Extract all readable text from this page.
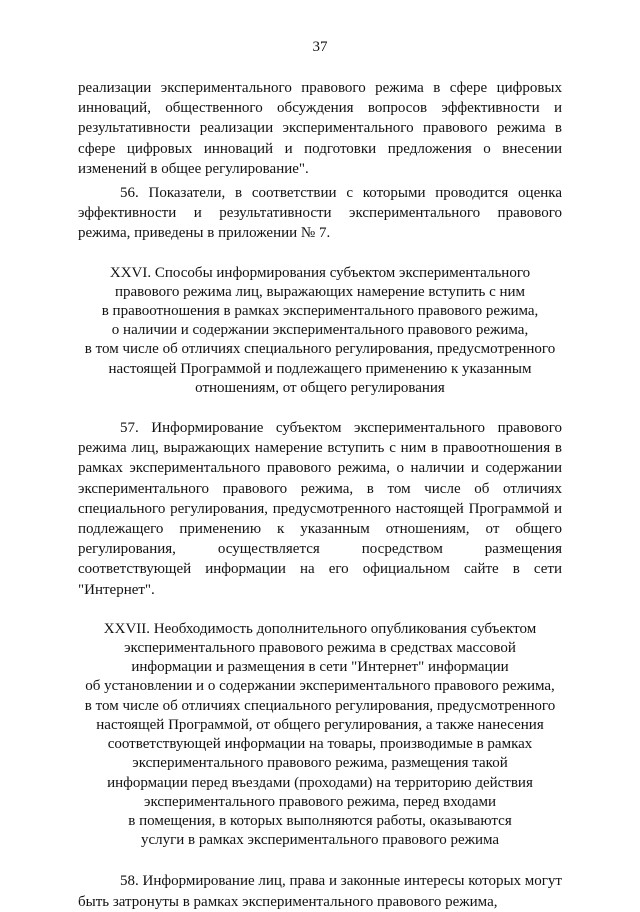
37

реализации экспериментального правового режима в сфере цифровых инноваций, общественного обсуждения вопросов эффективности и результативности реализации экспериментального правового режима в сфере цифровых инноваций и подготовки предложения о внесении изменений в общее регулирование".

56. Показатели, в соответствии с которыми проводится оценка эффективности и результативности экспериментального правового режима, приведены в приложении № 7.

XXVI. Способы информирования субъектом экспериментального
правового режима лиц, выражающих намерение вступить с ним
в правоотношения в рамках экспериментального правового режима,
о наличии и содержании экспериментального правового режима,
в том числе об отличиях специального регулирования, предусмотренного
настоящей Программой и подлежащего применению к указанным
отношениям, от общего регулирования

57. Информирование субъектом экспериментального правового режима лиц, выражающих намерение вступить с ним в правоотношения в рамках экспериментального правового режима, о наличии и содержании экспериментального правового режима, в том числе об отличиях специального регулирования, предусмотренного настоящей Программой и подлежащего применению к указанным отношениям, от общего регулирования, осуществляется посредством размещения соответствующей информации на его официальном сайте в сети "Интернет".

XXVII. Необходимость дополнительного опубликования субъектом
экспериментального правового режима в средствах массовой
информации и размещения в сети "Интернет" информации
об установлении и о содержании экспериментального правового режима,
в том числе об отличиях специального регулирования, предусмотренного
настоящей Программой, от общего регулирования, а также нанесения
соответствующей информации на товары, производимые в рамках
экспериментального правового режима, размещения такой
информации перед въездами (проходами) на территорию действия
экспериментального правового режима, перед входами
в помещения, в которых выполняются работы, оказываются
услуги в рамках экспериментального правового режима

58. Информирование лиц, права и законные интересы которых могут быть затронуты в рамках экспериментального правового режима,
